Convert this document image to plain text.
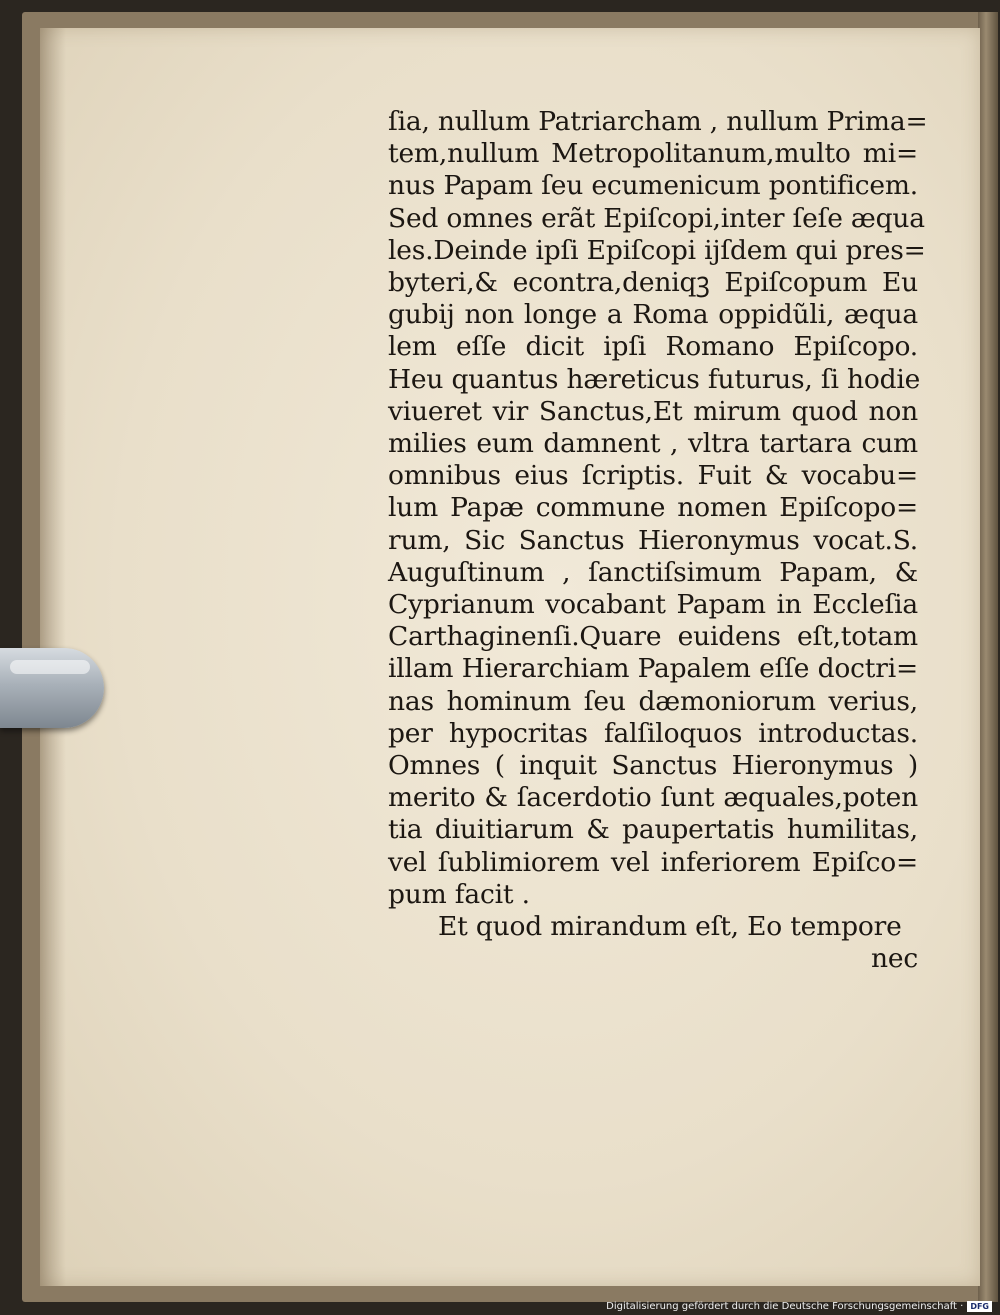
ſia, nullum Patriarcham , nullum Prima=
tem,nullum Metropolitanum,multo mi=
nus Papam ſeu ecumenicum pontificem.
Sed omnes erãt Epiſcopi,inter ſeſe æqua
les.Deinde ipſi Epiſcopi ijſdem qui pres=
byteri,& econtra,deniqꝫ Epiſcopum Eu
gubij non longe a Roma oppidũli, æqua
lem eſſe dicit ipſi Romano Epiſcopo.
Heu quantus hæreticus futurus, ſi hodie
viueret vir Sanctus,Et mirum quod non
milies eum damnent , vltra tartara cum
omnibus eius ſcriptis. Fuit & vocabu=
lum Papæ commune nomen Epiſcopo=
rum, Sic Sanctus Hieronymus vocat.S.
Auguſtinum , ſanctiſsimum Papam, &
Cyprianum vocabant Papam in Eccleſia
Carthaginenſi.Quare euidens eſt,totam
illam Hierarchiam Papalem eſſe doctri=
nas hominum ſeu dæmoniorum verius,
per hypocritas falſiloquos introductas.
Omnes ( inquit Sanctus Hieronymus )
merito & ſacerdotio ſunt æquales,poten
tia diuitiarum & paupertatis humilitas,
vel ſublimiorem vel inferiorem Epiſco=
pum facit .
Et quod mirandum eſt, Eo tempore
nec
Digitalisierung gefördert durch die Deutsche Forschungsgemeinschaft · DFG
